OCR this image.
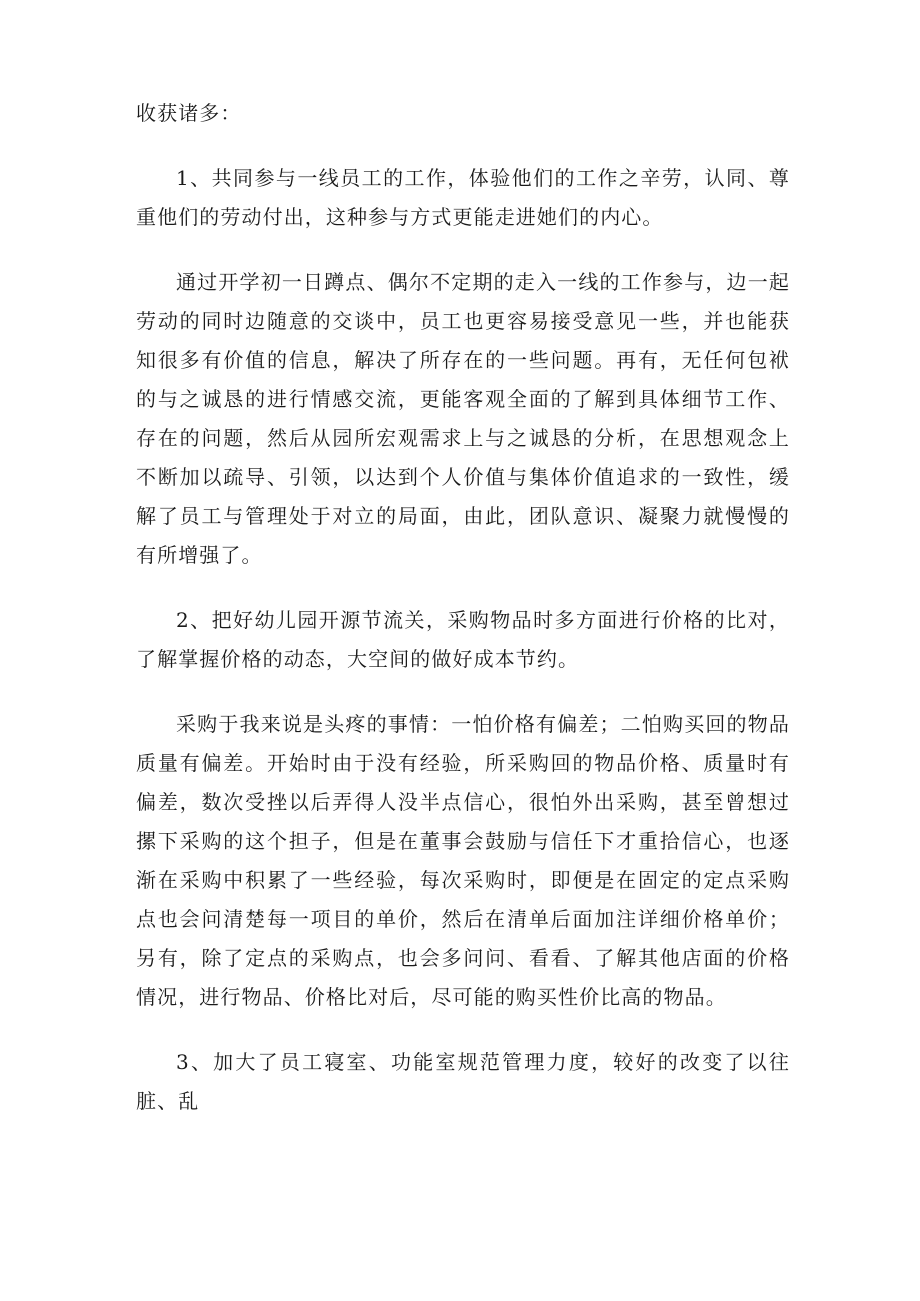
收获诸多：

1、共同参与一线员工的工作，体验他们的工作之辛劳，认同、尊重他们的劳动付出，这种参与方式更能走进她们的内心。

通过开学初一日蹲点、偶尔不定期的走入一线的工作参与，边一起劳动的同时边随意的交谈中，员工也更容易接受意见一些，并也能获知很多有价值的信息，解决了所存在的一些问题。再有，无任何包袱的与之诚恳的进行情感交流，更能客观全面的了解到具体细节工作、存在的问题，然后从园所宏观需求上与之诚恳的分析，在思想观念上不断加以疏导、引领，以达到个人价值与集体价值追求的一致性，缓解了员工与管理处于对立的局面，由此，团队意识、凝聚力就慢慢的有所增强了。

2、把好幼儿园开源节流关，采购物品时多方面进行价格的比对，了解掌握价格的动态，大空间的做好成本节约。

采购于我来说是头疼的事情：一怕价格有偏差；二怕购买回的物品质量有偏差。开始时由于没有经验，所采购回的物品价格、质量时有偏差，数次受挫以后弄得人没半点信心，很怕外出采购，甚至曾想过摞下采购的这个担子，但是在董事会鼓励与信任下才重拾信心，也逐渐在采购中积累了一些经验，每次采购时，即便是在固定的定点采购点也会问清楚每一项目的单价，然后在清单后面加注详细价格单价；另有，除了定点的采购点，也会多问问、看看、了解其他店面的价格情况，进行物品、价格比对后，尽可能的购买性价比高的物品。

3、加大了员工寝室、功能室规范管理力度，较好的改变了以往脏、乱
